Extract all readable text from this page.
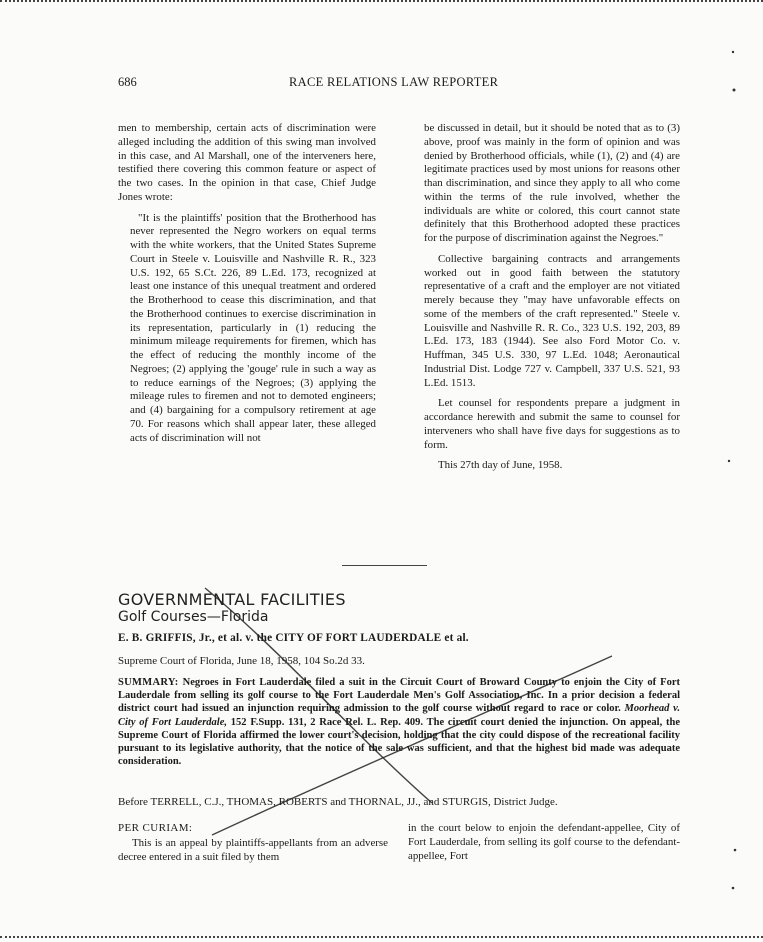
686	RACE RELATIONS LAW REPORTER

men to membership, certain acts of discrimination were alleged including the addition of this swing man involved in this case, and Al Marshall, one of the interveners here, testified there covering this common feature or aspect of the two cases. In the opinion in that case, Chief Judge Jones wrote:

"It is the plaintiffs' position that the Brotherhood has never represented the Negro workers on equal terms with the white workers, that the United States Supreme Court in Steele v. Louisville and Nashville R. R., 323 U.S. 192, 65 S.Ct. 226, 89 L.Ed. 173, recognized at least one instance of this unequal treatment and ordered the Brotherhood to cease this discrimination, and that the Brotherhood continues to exercise discrimination in its representation, particularly in (1) reducing the minimum mileage requirements for firemen, which has the effect of reducing the monthly income of the Negroes; (2) applying the 'gouge' rule in such a way as to reduce earnings of the Negroes; (3) applying the mileage rules to firemen and not to demoted engineers; and (4) bargaining for a compulsory retirement at age 70. For reasons which shall appear later, these alleged acts of discrimination will not

be discussed in detail, but it should be noted that as to (3) above, proof was mainly in the form of opinion and was denied by Brotherhood officials, while (1), (2) and (4) are legitimate practices used by most unions for reasons other than discrimination, and since they apply to all who come within the terms of the rule involved, whether the individuals are white or colored, this court cannot state definitely that this Brotherhood adopted these practices for the purpose of discrimination against the Negroes."

Collective bargaining contracts and arrangements worked out in good faith between the statutory representative of a craft and the employer are not vitiated merely because they "may have unfavorable effects on some of the members of the craft represented." Steele v. Louisville and Nashville R. R. Co., 323 U.S. 192, 203, 89 L.Ed. 173, 183 (1944). See also Ford Motor Co. v. Huffman, 345 U.S. 330, 97 L.Ed. 1048; Aeronautical Industrial Dist. Lodge 727 v. Campbell, 337 U.S. 521, 93 L.Ed. 1513.

Let counsel for respondents prepare a judgment in accordance herewith and submit the same to counsel for interveners who shall have five days for suggestions as to form.

This 27th day of June, 1958.

GOVERNMENTAL FACILITIES
Golf Courses—Florida
E. B. GRIFFIS, Jr., et al. v. the CITY OF FORT LAUDERDALE et al.
Supreme Court of Florida, June 18, 1958, 104 So.2d 33.
SUMMARY: Negroes in Fort Lauderdale filed a suit in the Circuit Court of Broward County to enjoin the City of Fort Lauderdale from selling its golf course to the Fort Lauderdale Men's Golf Association, Inc. In a prior decision a federal district court had issued an injunction requiring admission to the golf course without regard to race or color. Moorhead v. City of Fort Lauderdale, 152 F.Supp. 131, 2 Race Rel. L. Rep. 409. The circuit court denied the injunction. On appeal, the Supreme Court of Florida affirmed the lower court's decision, holding that the city could dispose of the recreational facility pursuant to its legislative authority, that the notice of the sale was sufficient, and that the highest bid made was adequate consideration.
Before TERRELL, C.J., THOMAS, ROBERTS and THORNAL, JJ., and STURGIS, District Judge.
PER CURIAM:

This is an appeal by plaintiffs-appellants from an adverse decree entered in a suit filed by them

in the court below to enjoin the defendant-appellee, City of Fort Lauderdale, from selling its golf course to the defendant-appellee, Fort
